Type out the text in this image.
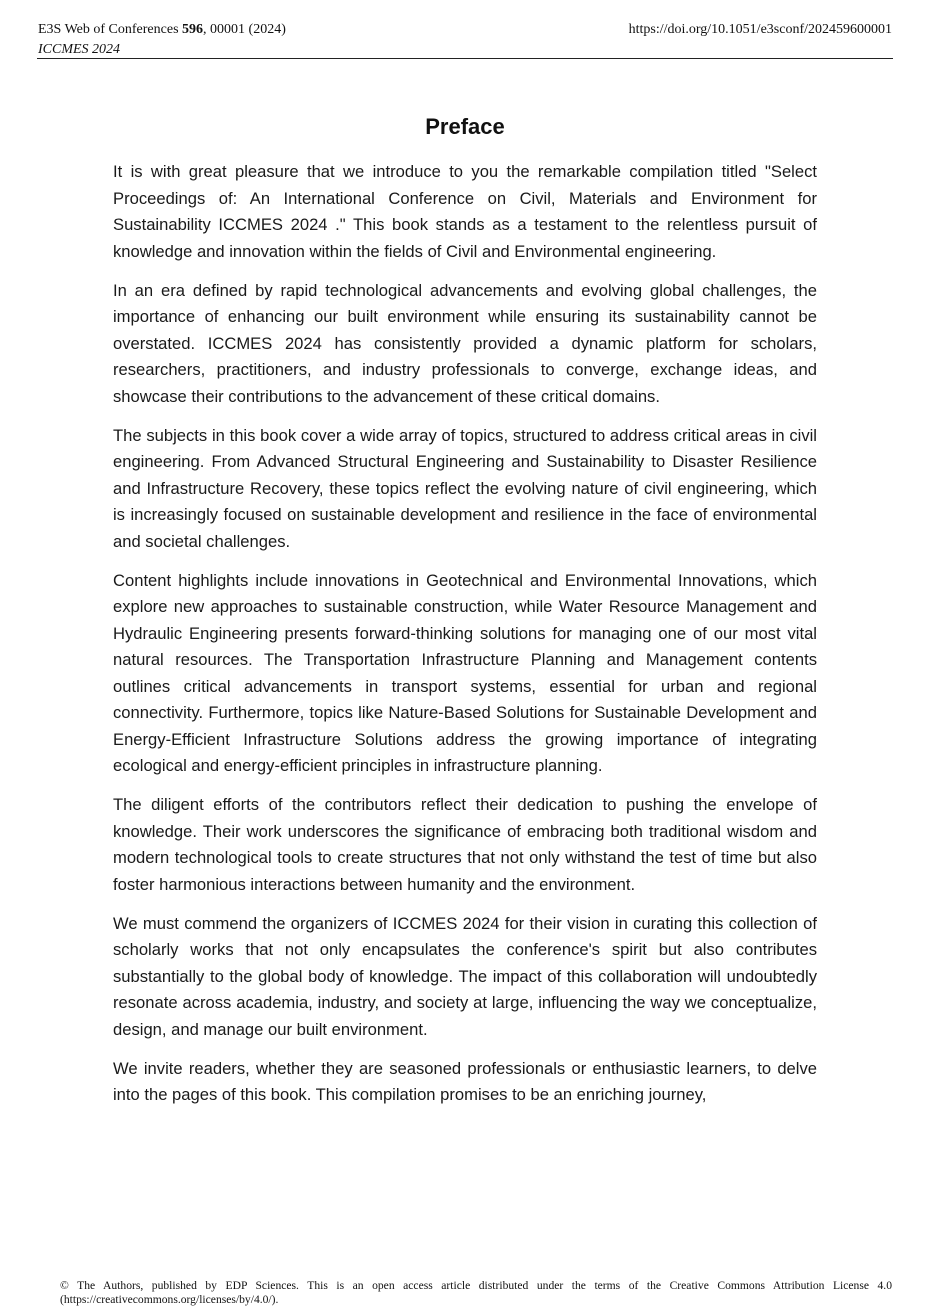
E3S Web of Conferences 596, 00001 (2024)
ICCMES 2024
https://doi.org/10.1051/e3sconf/202459600001
Preface

It is with great pleasure that we introduce to you the remarkable compilation titled "Select Proceedings of: An International Conference on Civil, Materials and Environment for Sustainability ICCMES 2024 ." This book stands as a testament to the relentless pursuit of knowledge and innovation within the fields of Civil and Environmental engineering.

In an era defined by rapid technological advancements and evolving global challenges, the importance of enhancing our built environment while ensuring its sustainability cannot be overstated. ICCMES 2024 has consistently provided a dynamic platform for scholars, researchers, practitioners, and industry professionals to converge, exchange ideas, and showcase their contributions to the advancement of these critical domains.

The subjects in this book cover a wide array of topics, structured to address critical areas in civil engineering. From Advanced Structural Engineering and Sustainability to Disaster Resilience and Infrastructure Recovery, these topics reflect the evolving nature of civil engineering, which is increasingly focused on sustainable development and resilience in the face of environmental and societal challenges.

Content highlights include innovations in Geotechnical and Environmental Innovations, which explore new approaches to sustainable construction, while Water Resource Management and Hydraulic Engineering presents forward-thinking solutions for managing one of our most vital natural resources. The Transportation Infrastructure Planning and Management contents outlines critical advancements in transport systems, essential for urban and regional connectivity. Furthermore, topics like Nature-Based Solutions for Sustainable Development and Energy-Efficient Infrastructure Solutions address the growing importance of integrating ecological and energy-efficient principles in infrastructure planning.

The diligent efforts of the contributors reflect their dedication to pushing the envelope of knowledge. Their work underscores the significance of embracing both traditional wisdom and modern technological tools to create structures that not only withstand the test of time but also foster harmonious interactions between humanity and the environment.

We must commend the organizers of ICCMES 2024 for their vision in curating this collection of scholarly works that not only encapsulates the conference's spirit but also contributes substantially to the global body of knowledge. The impact of this collaboration will undoubtedly resonate across academia, industry, and society at large, influencing the way we conceptualize, design, and manage our built environment.

We invite readers, whether they are seasoned professionals or enthusiastic learners, to delve into the pages of this book. This compilation promises to be an enriching journey,

© The Authors, published by EDP Sciences. This is an open access article distributed under the terms of the Creative Commons Attribution License 4.0
(https://creativecommons.org/licenses/by/4.0/).
